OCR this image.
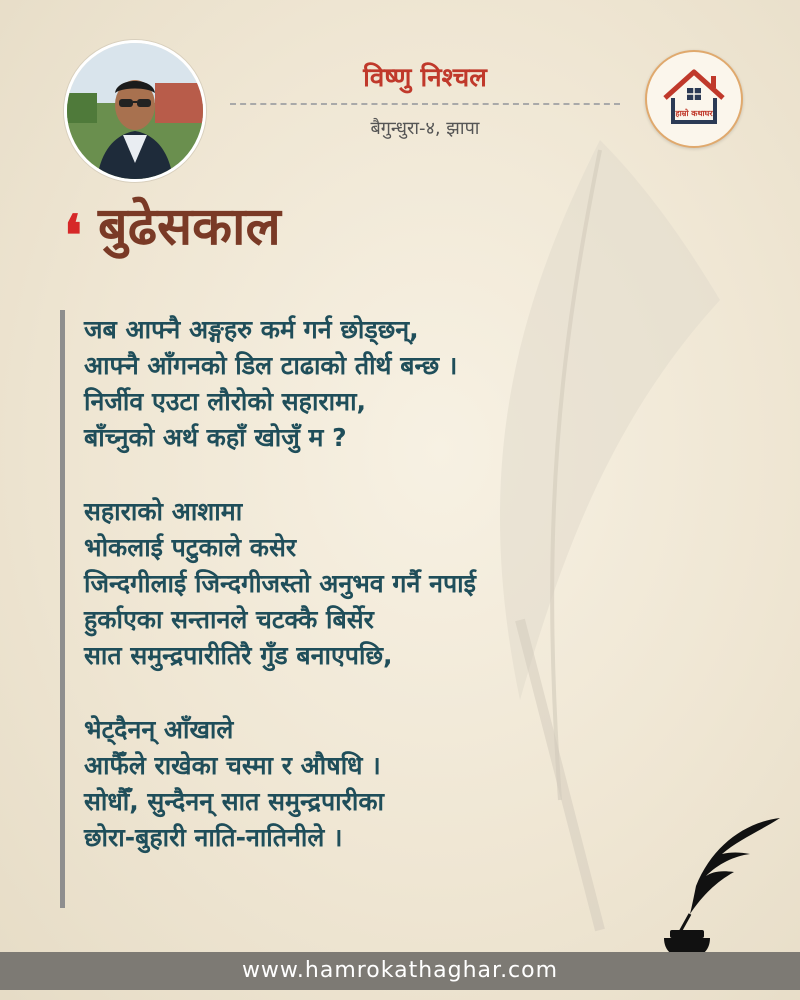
विष्णु निश्चल
बैगुन्धुरा-४, झापा
हाम्रो कथाघर
❛ बुढेसकाल
जब आफ्नै अङ्गहरु कर्म गर्न छोड्छन्,
आफ्नै आँगनको डिल टाढाको तीर्थ बन्छ ।
निर्जीव एउटा लौरोको सहारामा,
बाँच्नुको अर्थ कहाँ खोजुँ म ?
सहाराको आशामा
भोकलाई पटुकाले कसेर
जिन्दगीलाई जिन्दगीजस्तो अनुभव गर्नै नपाई
हुर्काएका सन्तानले चटक्कै बिर्सेर
सात समुन्द्रपारीतिरै गुँड बनाएपछि,
भेट्दैनन् आँखाले
आफैँले राखेका चस्मा र औषधि ।
सोधौँ, सुन्दैनन् सात समुन्द्रपारीका
छोरा-बुहारी नाति-नातिनीले ।
www.hamrokathaghar.com
